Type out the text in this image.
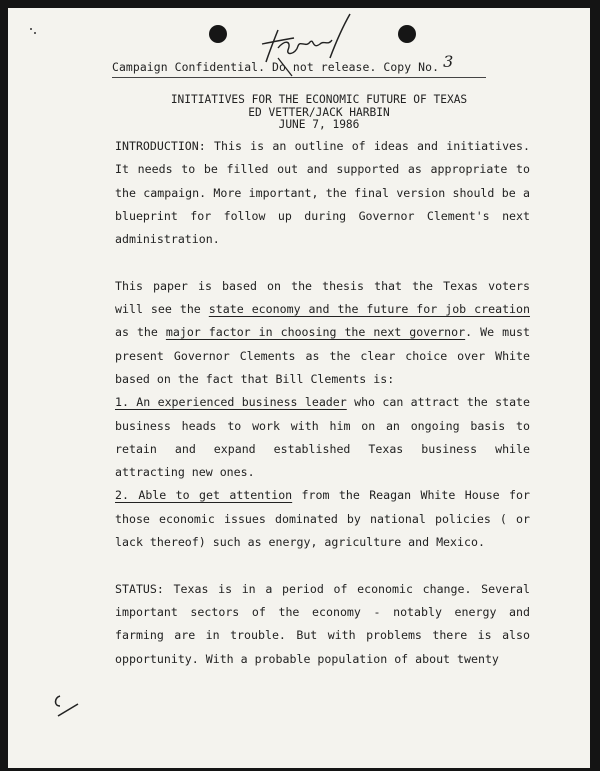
Campaign Confidential. Do not release. Copy No. 3
INITIATIVES FOR THE ECONOMIC FUTURE OF TEXAS
ED VETTER/JACK HARBIN
JUNE 7, 1986

INTRODUCTION: This is an outline of ideas and initiatives. It needs to be filled out and supported as appropriate to the campaign. More important, the final version should be a blueprint for follow up during Governor Clement's next administration.

This paper is based on the thesis that the Texas voters will see the state economy and the future for job creation as the major factor in choosing the next governor. We must present Governor Clements as the clear choice over White based on the fact that Bill Clements is:

1. An experienced business leader who can attract the state business heads to work with him on an ongoing basis to retain and expand established Texas business while attracting new ones.

2. Able to get attention from the Reagan White House for those economic issues dominated by national policies ( or lack thereof) such as energy, agriculture and Mexico.

STATUS: Texas is in a period of economic change. Several important sectors of the economy - notably energy and farming are in trouble. But with problems there is also opportunity. With a probable population of about twenty
